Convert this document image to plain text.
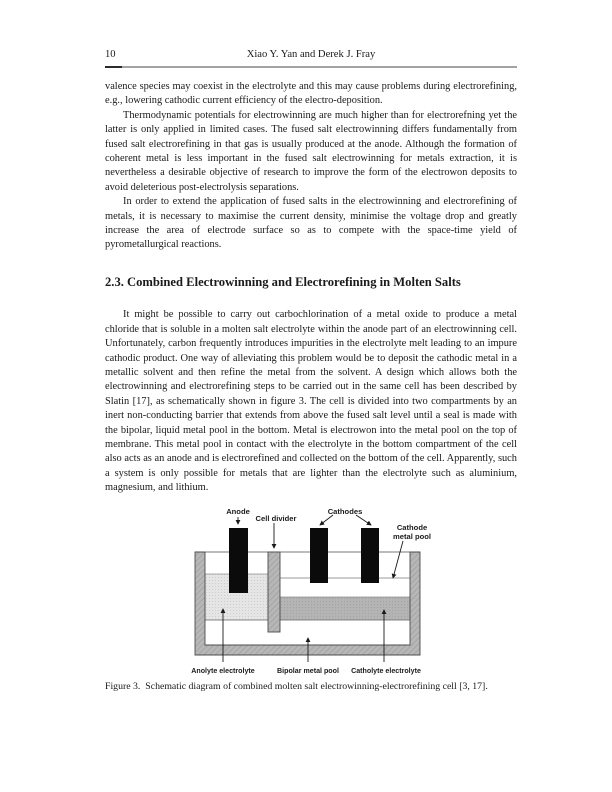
10	Xiao Y. Yan and Derek J. Fray

valence species may coexist in the electrolyte and this may cause problems during electrorefining, e.g., lowering cathodic current efficiency of the electro-deposition.

Thermodynamic potentials for electrowinning are much higher than for electrorefning yet the latter is only applied in limited cases. The fused salt electrowinning differs fundamentally from fused salt electrorefining in that gas is usually produced at the anode. Although the formation of coherent metal is less important in the fused salt electrowinning for metals extraction, it is nevertheless a desirable objective of research to improve the form of the electrowon deposits to avoid deleterious post-electrolysis separations.

In order to extend the application of fused salts in the electrowinning and electrorefining of metals, it is necessary to maximise the current density, minimise the voltage drop and greatly increase the area of electrode surface so as to compete with the space-time yield of pyrometallurgical reactions.

2.3. Combined Electrowinning and Electrorefining in Molten Salts

It might be possible to carry out carbochlorination of a metal oxide to produce a metal chloride that is soluble in a molten salt electrolyte within the anode part of an electrowinning cell. Unfortunately, carbon frequently introduces impurities in the electrolyte melt leading to an impure cathodic product. One way of alleviating this problem would be to deposit the cathodic metal in a metallic solvent and then refine the metal from the solvent. A design which allows both the electrowinning and electrorefining steps to be carried out in the same cell has been described by Slatin [17], as schematically shown in figure 3. The cell is divided into two compartments by an inert non-conducting barrier that extends from above the fused salt level until a seal is made with the bipolar, liquid metal pool in the bottom. Metal is electrowon into the metal pool on the top of membrane. This metal pool in contact with the electrolyte in the bottom compartment of the cell also acts as an anode and is electrorefined and collected on the bottom of the cell. Apparently, such a system is only possible for metals that are lighter than the electrolyte such as aluminium, magnesium, and lithium.

Anode
Cell divider
Cathodes
Cathode
metal pool
Anolyte electrolyte	Bipolar metal pool Catholyte electrolyte

Figure 3.  Schematic diagram of combined molten salt electrowinning-electrorefining cell [3, 17].
